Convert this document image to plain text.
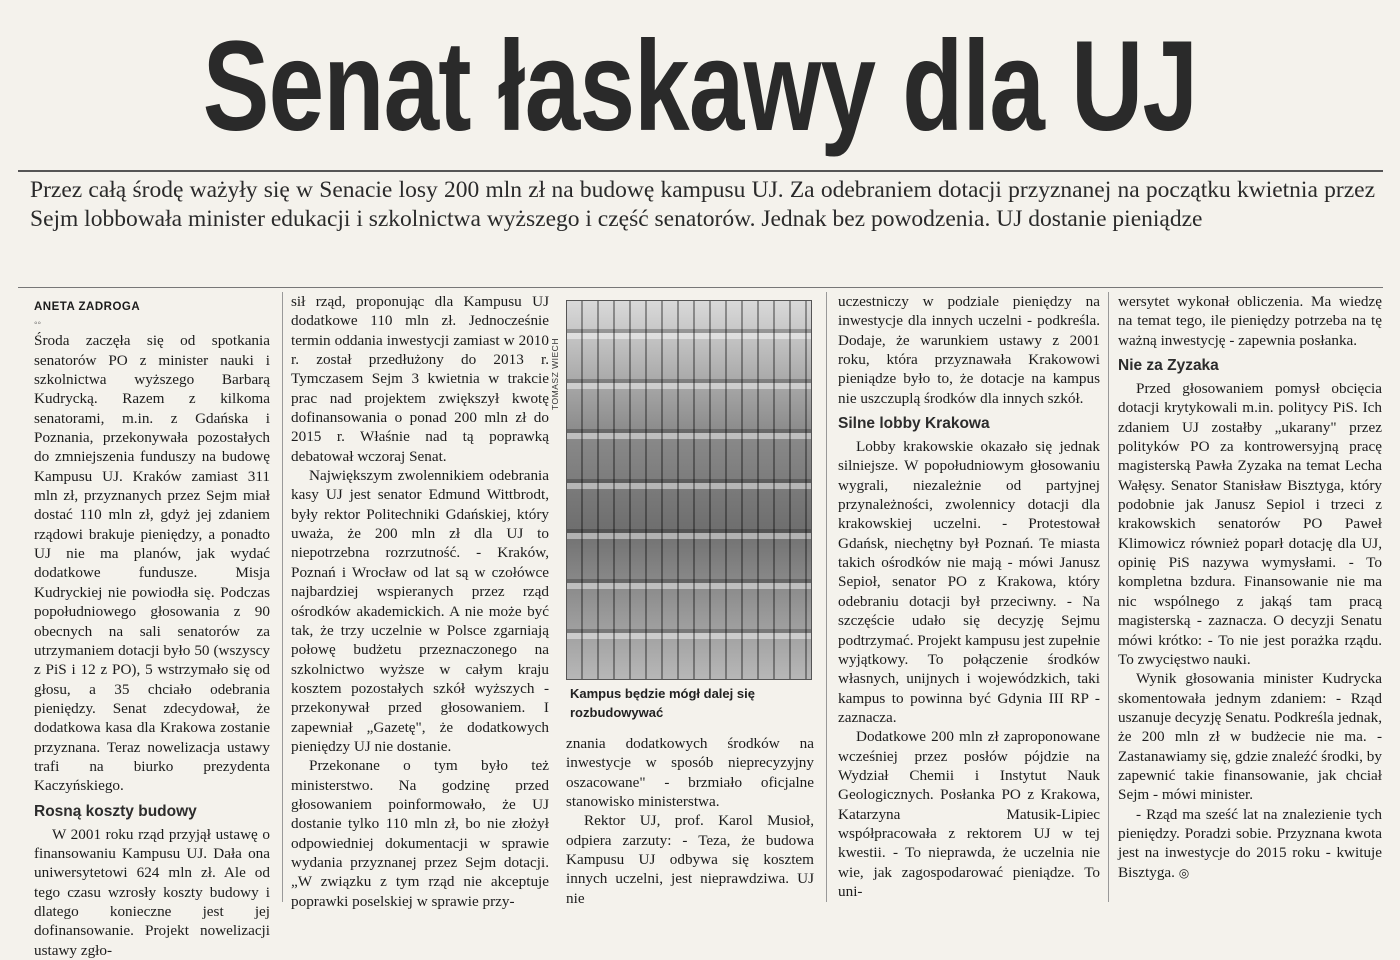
Senat łaskawy dla UJ
Przez całą środę ważyły się w Senacie losy 200 mln zł na budowę kampusu UJ. Za odebraniem dotacji przyznanej na początku kwietnia przez Sejm lobbowała minister edukacji i szkolnictwa wyższego i część senatorów. Jednak bez powodzenia. UJ dostanie pieniądze
ANETA ZADROGA
◦◦

Środa zaczęła się od spotkania senatorów PO z minister nauki i szkolnictwa wyższego Barbarą Kudrycką. Razem z kilkoma senatorami, m.in. z Gdańska i Poznania, przekonywała pozostałych do zmniejszenia funduszy na budowę Kampusu UJ. Kraków zamiast 311 mln zł, przyznanych przez Sejm miał dostać 110 mln zł, gdyż jej zdaniem rządowi brakuje pieniędzy, a ponadto UJ nie ma planów, jak wydać dodatkowe fundusze. Misja Kudryckiej nie powiodła się. Podczas popołudniowego głosowania z 90 obecnych na sali senatorów za utrzymaniem dotacji było 50 (wszyscy z PiS i 12 z PO), 5 wstrzymało się od głosu, a 35 chciało odebrania pieniędzy. Senat zdecydował, że dodatkowa kasa dla Krakowa zostanie przyznana. Teraz nowelizacja ustawy trafi na biurko prezydenta Kaczyńskiego.

Rosną koszty budowy

W 2001 roku rząd przyjął ustawę o finansowaniu Kampusu UJ. Dała ona uniwersytetowi 624 mln zł. Ale od tego czasu wzrosły koszty budowy i dlatego konieczne jest jej dofinansowanie. Projekt nowelizacji ustawy zgło-

sił rząd, proponując dla Kampusu UJ dodatkowe 110 mln zł. Jednocześnie termin oddania inwestycji zamiast w 2010 r. został przedłużony do 2013 r. Tymczasem Sejm 3 kwietnia w trakcie prac nad projektem zwiększył kwotę dofinansowania o ponad 200 mln zł do 2015 r. Właśnie nad tą poprawką debatował wczoraj Senat.

Największym zwolennikiem odebrania kasy UJ jest senator Edmund Wittbrodt, były rektor Politechniki Gdańskiej, który uważa, że 200 mln zł dla UJ to niepotrzebna rozrzutność. - Kraków, Poznań i Wrocław od lat są w czołówce najbardziej wspieranych przez rząd ośrodków akademickich. A nie może być tak, że trzy uczelnie w Polsce zgarniają połowę budżetu przeznaczonego na szkolnictwo wyższe w całym kraju kosztem pozostałych szkół wyższych - przekonywał przed głosowaniem. I zapewniał „Gazetę", że dodatkowych pieniędzy UJ nie dostanie.

Przekonane o tym było też ministerstwo. Na godzinę przed głosowaniem poinformowało, że UJ dostanie tylko 110 mln zł, bo nie złożył odpowiedniej dokumentacji w sprawie wydania przyznanej przez Sejm dotacji. „W związku z tym rząd nie akceptuje poprawki poselskiej w sprawie przy-

TOMASZ WIECH
Kampus będzie mógł dalej się rozbudowywać

znania dodatkowych środków na inwestycje w sposób nieprecyzyjny oszacowane" - brzmiało oficjalne stanowisko ministerstwa.

Rektor UJ, prof. Karol Musioł, odpiera zarzuty: - Teza, że budowa Kampusu UJ odbywa się kosztem innych uczelni, jest nieprawdziwa. UJ nie

uczestniczy w podziale pieniędzy na inwestycje dla innych uczelni - podkreśla. Dodaje, że warunkiem ustawy z 2001 roku, która przyznawała Krakowowi pieniądze było to, że dotacje na kampus nie uszczuplą środków dla innych szkół.

Silne lobby Krakowa

Lobby krakowskie okazało się jednak silniejsze. W popołudniowym głosowaniu wygrali, niezależnie od partyjnej przynależności, zwolennicy dotacji dla krakowskiej uczelni. - Protestował Gdańsk, niechętny był Poznań. Te miasta takich ośrodków nie mają - mówi Janusz Sepioł, senator PO z Krakowa, który odebraniu dotacji był przeciwny. - Na szczęście udało się decyzję Sejmu podtrzymać. Projekt kampusu jest zupełnie wyjątkowy. To połączenie środków własnych, unijnych i wojewódzkich, taki kampus to powinna być Gdynia III RP - zaznacza.

Dodatkowe 200 mln zł zaproponowane wcześniej przez posłów pójdzie na Wydział Chemii i Instytut Nauk Geologicznych. Posłanka PO z Krakowa, Katarzyna Matusik-Lipiec współpracowała z rektorem UJ w tej kwestii. - To nieprawda, że uczelnia nie wie, jak zagospodarować pieniądze. To uni-

wersytet wykonał obliczenia. Ma wiedzę na temat tego, ile pieniędzy potrzeba na tę ważną inwestycję - zapewnia posłanka.

Nie za Zyzaka

Przed głosowaniem pomysł obcięcia dotacji krytykowali m.in. politycy PiS. Ich zdaniem UJ zostałby „ukarany" przez polityków PO za kontrowersyjną pracę magisterską Pawła Zyzaka na temat Lecha Wałęsy. Senator Stanisław Bisztyga, który podobnie jak Janusz Sepiol i trzeci z krakowskich senatorów PO Paweł Klimowicz również poparł dotację dla UJ, opinię PiS nazywa wymysłami. - To kompletna bzdura. Finansowanie nie ma nic wspólnego z jakąś tam pracą magisterską - zaznacza. O decyzji Senatu mówi krótko: - To nie jest porażka rządu. To zwycięstwo nauki.

Wynik głosowania minister Kudrycka skomentowała jednym zdaniem: - Rząd uszanuje decyzję Senatu. Podkreśla jednak, że 200 mln zł w budżecie nie ma. - Zastanawiamy się, gdzie znaleźć środki, by zapewnić takie finansowanie, jak chciał Sejm - mówi minister.

- Rząd ma sześć lat na znalezienie tych pieniędzy. Poradzi sobie. Przyznana kwota jest na inwestycje do 2015 roku - kwituje Bisztyga. ◎
